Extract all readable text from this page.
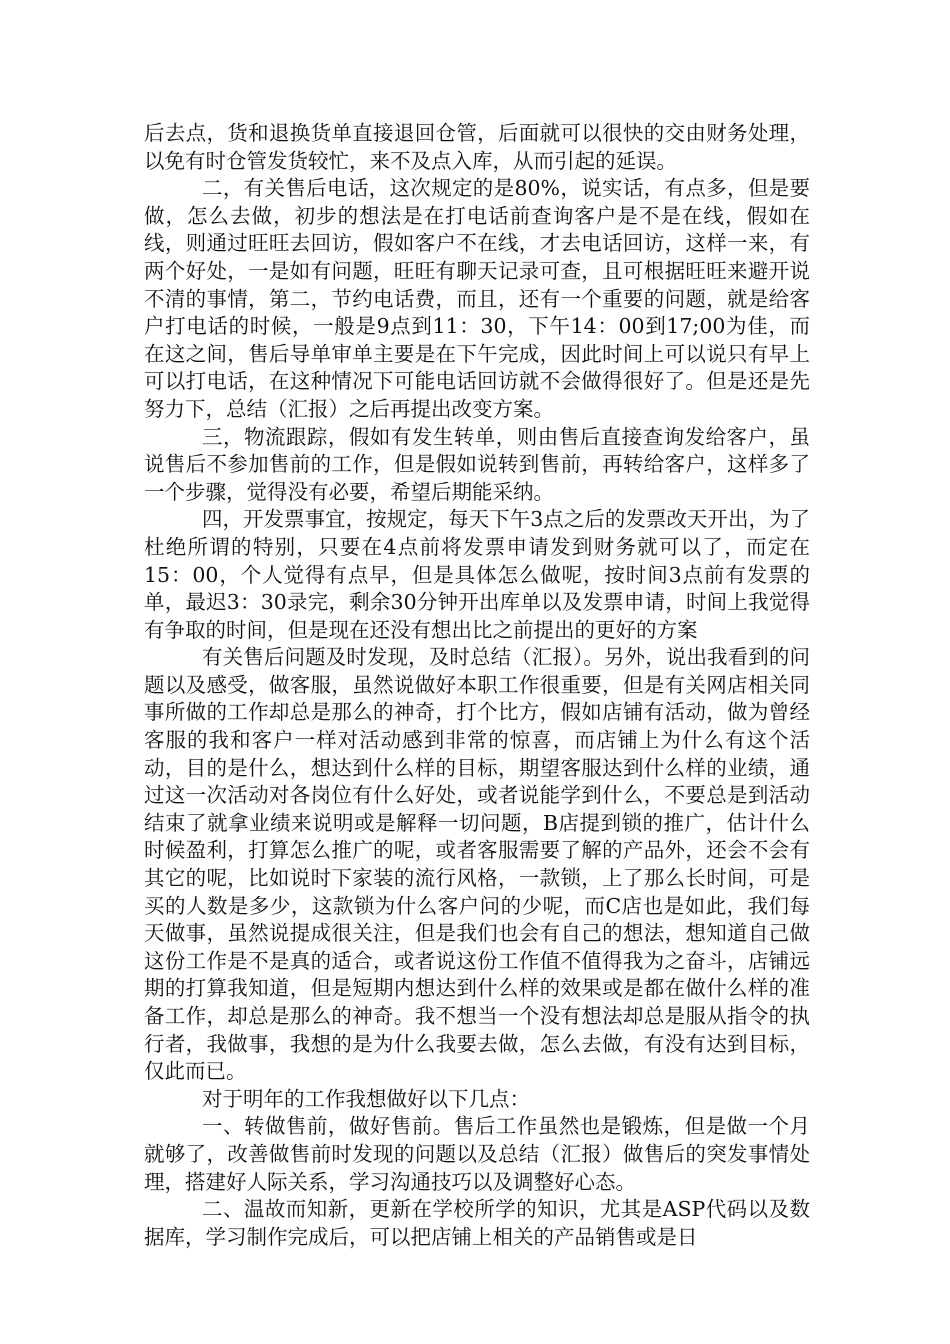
后去点，货和退换货单直接退回仓管，后面就可以很快的交由财务处理，以免有时仓管发货较忙，来不及点入库，从而引起的延误。

二，有关售后电话，这次规定的是80%，说实话，有点多，但是要做，怎么去做，初步的想法是在打电话前查询客户是不是在线，假如在线，则通过旺旺去回访，假如客户不在线，才去电话回访，这样一来，有两个好处，一是如有问题，旺旺有聊天记录可查，且可根据旺旺来避开说不清的事情，第二，节约电话费，而且，还有一个重要的问题，就是给客户打电话的时候，一般是9点到11：30，下午14：00到17;00为佳，而在这之间，售后导单审单主要是在下午完成，因此时间上可以说只有早上可以打电话，在这种情况下可能电话回访就不会做得很好了。但是还是先努力下，总结（汇报）之后再提出改变方案。

三，物流跟踪，假如有发生转单，则由售后直接查询发给客户，虽说售后不参加售前的工作，但是假如说转到售前，再转给客户，这样多了一个步骤，觉得没有必要，希望后期能采纳。

四，开发票事宜，按规定，每天下午3点之后的发票改天开出，为了杜绝所谓的特别，只要在4点前将发票申请发到财务就可以了，而定在15：00，个人觉得有点早，但是具体怎么做呢，按时间3点前有发票的单，最迟3：30录完，剩余30分钟开出库单以及发票申请，时间上我觉得有争取的时间，但是现在还没有想出比之前提出的更好的方案

有关售后问题及时发现，及时总结（汇报）。另外，说出我看到的问题以及感受，做客服，虽然说做好本职工作很重要，但是有关网店相关同事所做的工作却总是那么的神奇，打个比方，假如店铺有活动，做为曾经客服的我和客户一样对活动感到非常的惊喜，而店铺上为什么有这个活动，目的是什么，想达到什么样的目标，期望客服达到什么样的业绩，通过这一次活动对各岗位有什么好处，或者说能学到什么，不要总是到活动结束了就拿业绩来说明或是解释一切问题，B店提到锁的推广，估计什么时候盈利，打算怎么推广的呢，或者客服需要了解的产品外，还会不会有其它的呢，比如说时下家装的流行风格，一款锁，上了那么长时间，可是买的人数是多少，这款锁为什么客户问的少呢，而C店也是如此，我们每天做事，虽然说提成很关注，但是我们也会有自己的想法，想知道自己做这份工作是不是真的适合，或者说这份工作值不值得我为之奋斗，店铺远期的打算我知道，但是短期内想达到什么样的效果或是都在做什么样的准备工作，却总是那么的神奇。我不想当一个没有想法却总是服从指令的执行者，我做事，我想的是为什么我要去做，怎么去做，有没有达到目标，仅此而已。

对于明年的工作我想做好以下几点：

一、转做售前，做好售前。售后工作虽然也是锻炼，但是做一个月就够了，改善做售前时发现的问题以及总结（汇报）做售后的突发事情处理，搭建好人际关系，学习沟通技巧以及调整好心态。

二、温故而知新，更新在学校所学的知识，尤其是ASP代码以及数据库，学习制作完成后，可以把店铺上相关的产品销售或是日
